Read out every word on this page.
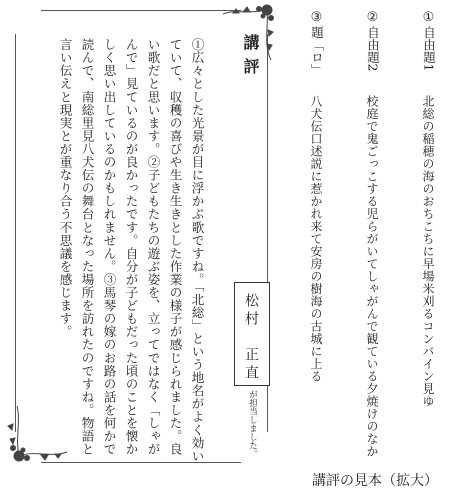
①
自由題1
北総の稲穂の海のおちこちに早場米刈るコンバイン見ゆ
②
自由題2
校庭で鬼ごっこする児らがいてしゃがんで観ている夕焼けのなか
③
題「ロ」
八犬伝口述説に惹かれ来て安房の樹海の古城に上る
講評
①広々とした光景が目に浮かぶ歌ですね。「北総」という地名がよく効い
ていて、収穫の喜びや生き生きとした作業の様子が感じられました。良
い歌だと思います。②子どもたちの遊ぶ姿を、立ってではなく「しゃが
んで」見ているのが良かったです。自分が子どもだった頃のことを懐か
しく思い出しているのかもしれません。③馬琴の嫁のお路の話を何かで
読んで、南総里見八犬伝の舞台となった場所を訪れたのですね。物語と
言い伝えと現実とが重なり合う不思議を感じます。	松村　正直
が担当しました。
講評の見本（拡大）
